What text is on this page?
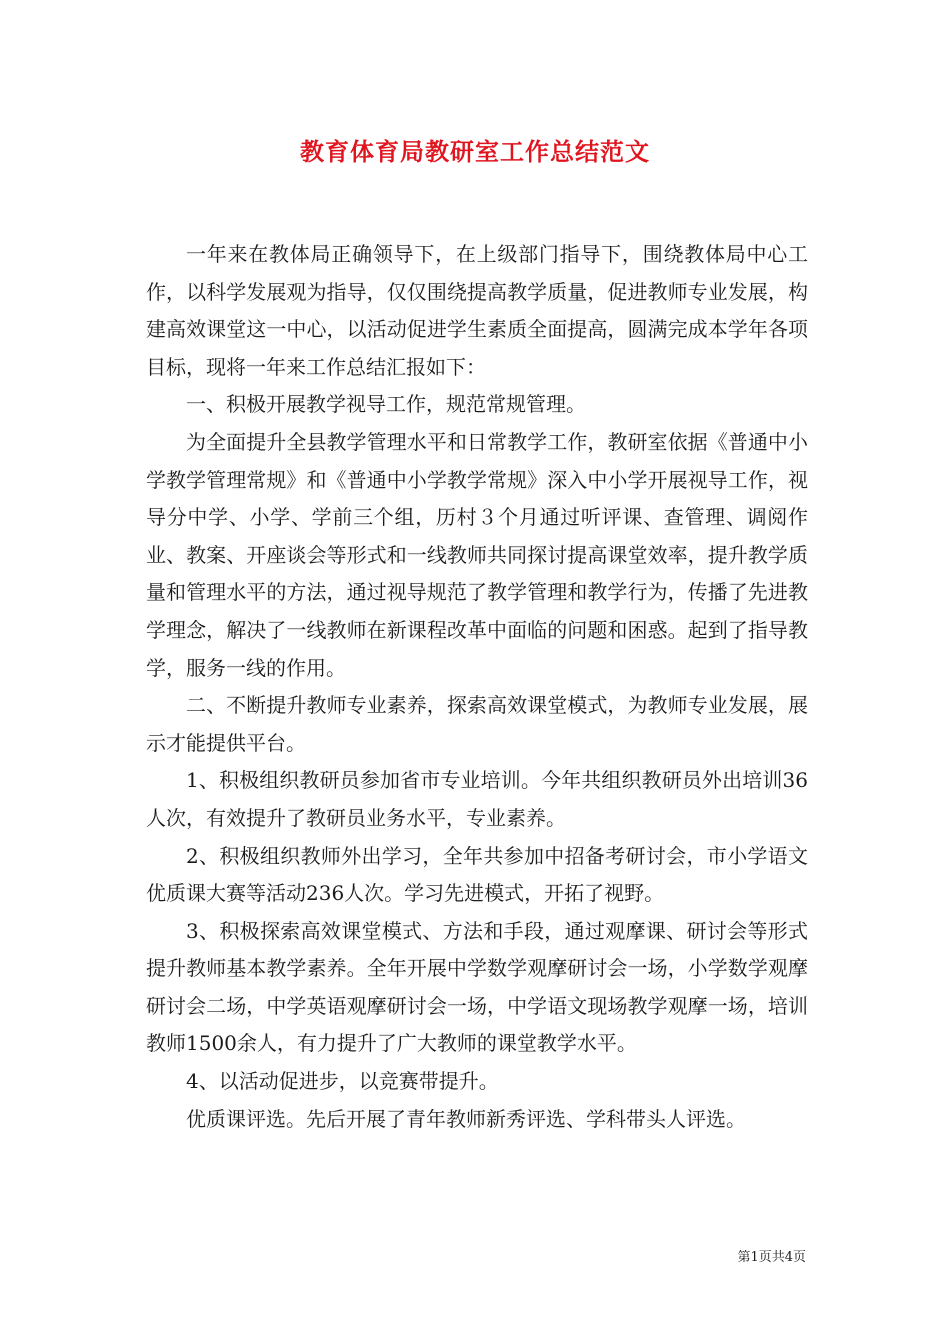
教育体育局教研室工作总结范文

一年来在教体局正确领导下，在上级部门指导下，围绕教体局中心工作，以科学发展观为指导，仅仅围绕提高教学质量，促进教师专业发展，构建高效课堂这一中心，以活动促进学生素质全面提高，圆满完成本学年各项目标，现将一年来工作总结汇报如下：

一、积极开展教学视导工作，规范常规管理。

为全面提升全县教学管理水平和日常教学工作，教研室依据《普通中小学教学管理常规》和《普通中小学教学常规》深入中小学开展视导工作，视导分中学、小学、学前三个组，历村３个月通过听评课、查管理、调阅作业、教案、开座谈会等形式和一线教师共同探讨提高课堂效率，提升教学质量和管理水平的方法，通过视导规范了教学管理和教学行为，传播了先进教学理念，解决了一线教师在新课程改革中面临的问题和困惑。起到了指导教学，服务一线的作用。

二、不断提升教师专业素养，探索高效课堂模式，为教师专业发展，展示才能提供平台。

1、积极组织教研员参加省市专业培训。今年共组织教研员外出培训36人次，有效提升了教研员业务水平，专业素养。

2、积极组织教师外出学习，全年共参加中招备考研讨会，市小学语文优质课大赛等活动236人次。学习先进模式，开拓了视野。

3、积极探索高效课堂模式、方法和手段，通过观摩课、研讨会等形式提升教师基本教学素养。全年开展中学数学观摩研讨会一场，小学数学观摩研讨会二场，中学英语观摩研讨会一场，中学语文现场教学观摩一场，培训教师1500余人，有力提升了广大教师的课堂教学水平。

4、以活动促进步，以竞赛带提升。

优质课评选。先后开展了青年教师新秀评选、学科带头人评选。

第1页共4页
